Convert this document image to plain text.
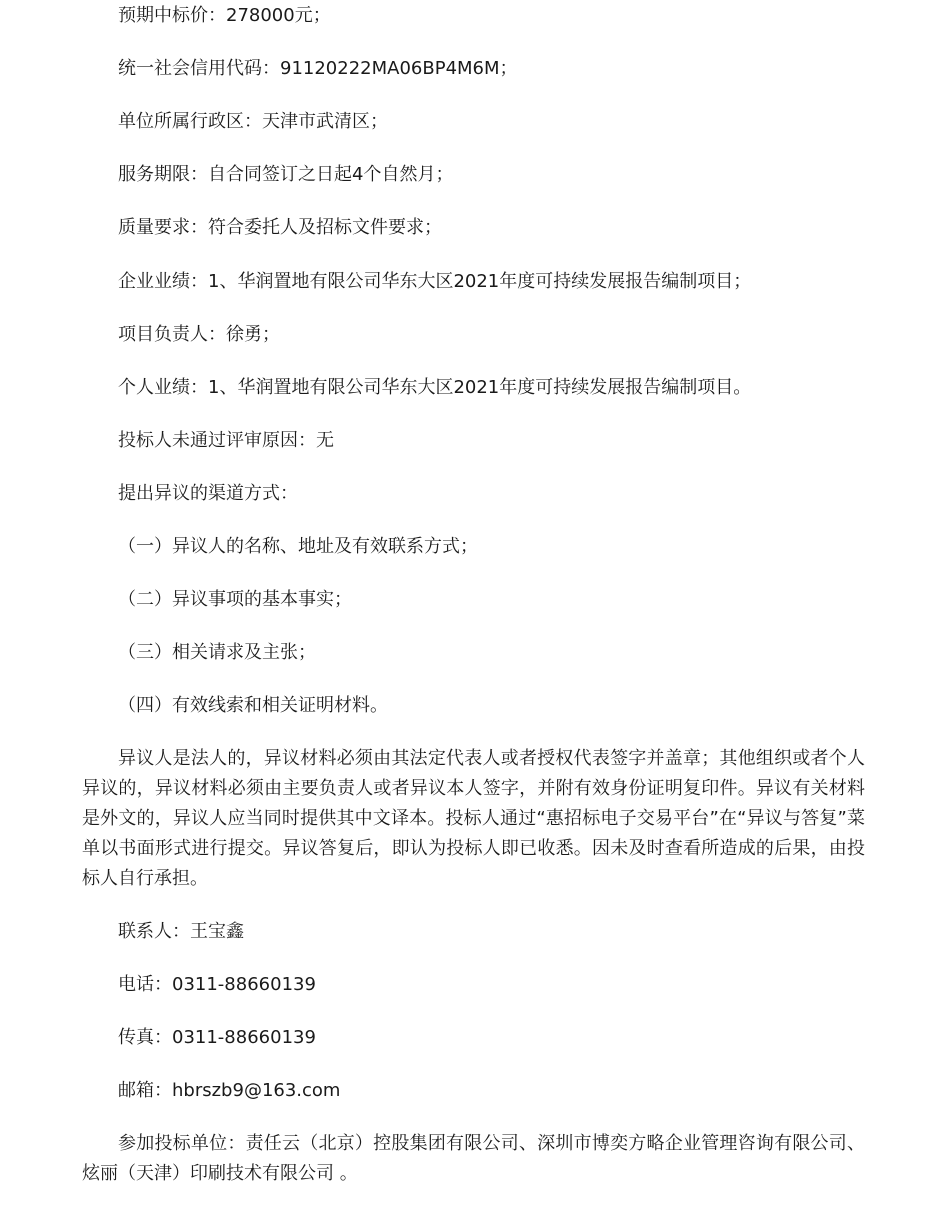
预期中标价：278000元；
统一社会信用代码：91120222MA06BP4M6M；
单位所属行政区：天津市武清区；
服务期限：自合同签订之日起4个自然月；
质量要求：符合委托人及招标文件要求；
企业业绩：1、华润置地有限公司华东大区2021年度可持续发展报告编制项目；
项目负责人：徐勇；
个人业绩：1、华润置地有限公司华东大区2021年度可持续发展报告编制项目。
投标人未通过评审原因：无
提出异议的渠道方式：
（一）异议人的名称、地址及有效联系方式；
（二）异议事项的基本事实；
（三）相关请求及主张；
（四）有效线索和相关证明材料。
异议人是法人的，异议材料必须由其法定代表人或者授权代表签字并盖章；其他组织或者个人异议的，异议材料必须由主要负责人或者异议本人签字，并附有效身份证明复印件。异议有关材料是外文的，异议人应当同时提供其中文译本。投标人通过“惠招标电子交易平台”在“异议与答复”菜单以书面形式进行提交。异议答复后，即认为投标人即已收悉。因未及时查看所造成的后果，由投标人自行承担。
联系人：王宝鑫
电话：0311-88660139
传真：0311-88660139
邮箱：hbrszb9@163.com
参加投标单位：责任云（北京）控股集团有限公司、深圳市博奕方略企业管理咨询有限公司、炫丽（天津）印刷技术有限公司 。
